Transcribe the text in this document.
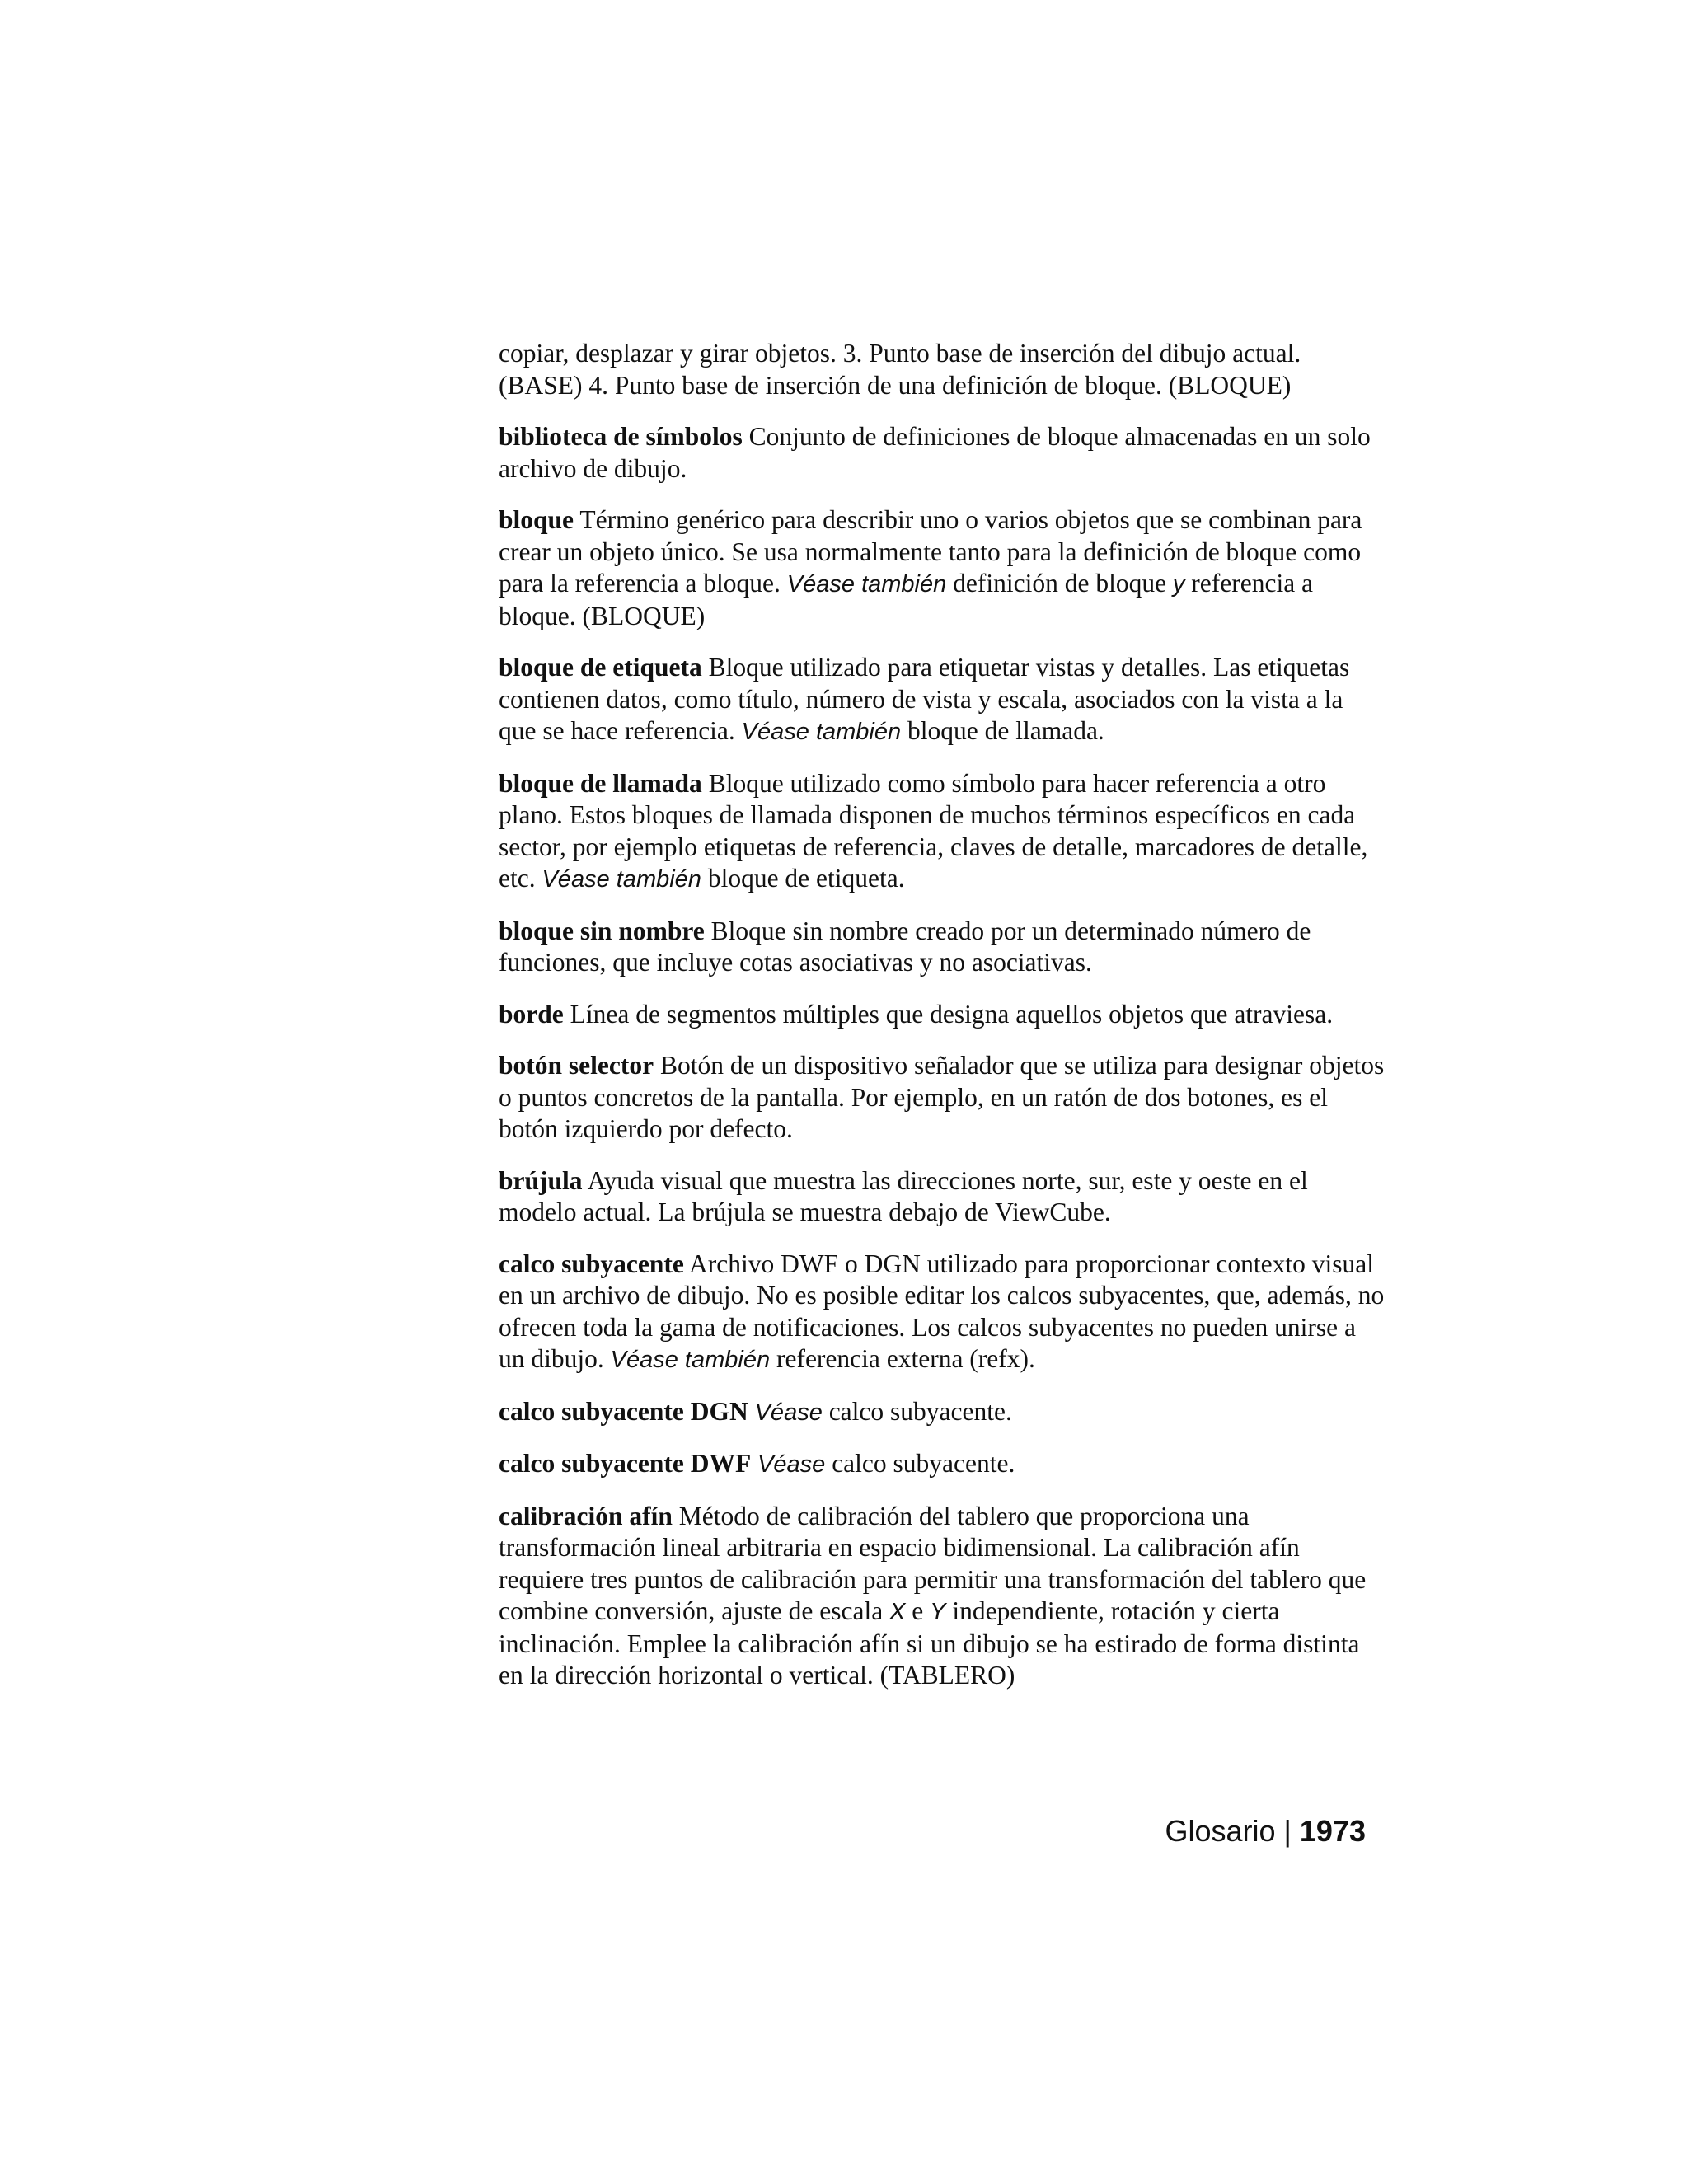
copiar, desplazar y girar objetos. 3. Punto base de inserción del dibujo actual. (BASE) 4. Punto base de inserción de una definición de bloque. (BLOQUE)

biblioteca de símbolos Conjunto de definiciones de bloque almacenadas en un solo archivo de dibujo.

bloque Término genérico para describir uno o varios objetos que se combinan para crear un objeto único. Se usa normalmente tanto para la definición de bloque como para la referencia a bloque. Véase también definición de bloque y referencia a bloque. (BLOQUE)

bloque de etiqueta Bloque utilizado para etiquetar vistas y detalles. Las etiquetas contienen datos, como título, número de vista y escala, asociados con la vista a la que se hace referencia. Véase también bloque de llamada.

bloque de llamada Bloque utilizado como símbolo para hacer referencia a otro plano. Estos bloques de llamada disponen de muchos términos específicos en cada sector, por ejemplo etiquetas de referencia, claves de detalle, marcadores de detalle, etc. Véase también bloque de etiqueta.

bloque sin nombre Bloque sin nombre creado por un determinado número de funciones, que incluye cotas asociativas y no asociativas.

borde Línea de segmentos múltiples que designa aquellos objetos que atraviesa.

botón selector Botón de un dispositivo señalador que se utiliza para designar objetos o puntos concretos de la pantalla. Por ejemplo, en un ratón de dos botones, es el botón izquierdo por defecto.

brújula Ayuda visual que muestra las direcciones norte, sur, este y oeste en el modelo actual. La brújula se muestra debajo de ViewCube.

calco subyacente Archivo DWF o DGN utilizado para proporcionar contexto visual en un archivo de dibujo. No es posible editar los calcos subyacentes, que, además, no ofrecen toda la gama de notificaciones. Los calcos subyacentes no pueden unirse a un dibujo. Véase también referencia externa (refx).

calco subyacente DGN Véase calco subyacente.

calco subyacente DWF Véase calco subyacente.

calibración afín Método de calibración del tablero que proporciona una transformación lineal arbitraria en espacio bidimensional. La calibración afín requiere tres puntos de calibración para permitir una transformación del tablero que combine conversión, ajuste de escala X e Y independiente, rotación y cierta inclinación. Emplee la calibración afín si un dibujo se ha estirado de forma distinta en la dirección horizontal o vertical. (TABLERO)

Glosario | 1973
